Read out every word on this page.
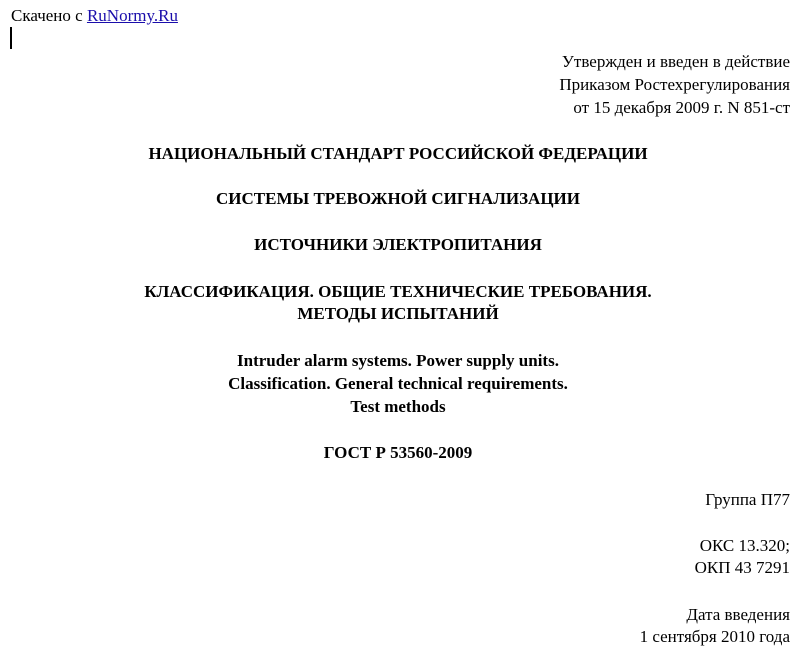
Скачено с RuNormy.Ru
Утвержден и введен в действие
Приказом Ростехрегулирования
от 15 декабря 2009 г. N 851-ст
НАЦИОНАЛЬНЫЙ СТАНДАРТ РОССИЙСКОЙ ФЕДЕРАЦИИ
СИСТЕМЫ ТРЕВОЖНОЙ СИГНАЛИЗАЦИИ
ИСТОЧНИКИ ЭЛЕКТРОПИТАНИЯ
КЛАССИФИКАЦИЯ. ОБЩИЕ ТЕХНИЧЕСКИЕ ТРЕБОВАНИЯ.
МЕТОДЫ ИСПЫТАНИЙ
Intruder alarm systems. Power supply units.
Classification. General technical requirements.
Test methods
ГОСТ Р 53560-2009
Группа П77
ОКС 13.320;
ОКП 43 7291
Дата введения
1 сентября 2010 года
